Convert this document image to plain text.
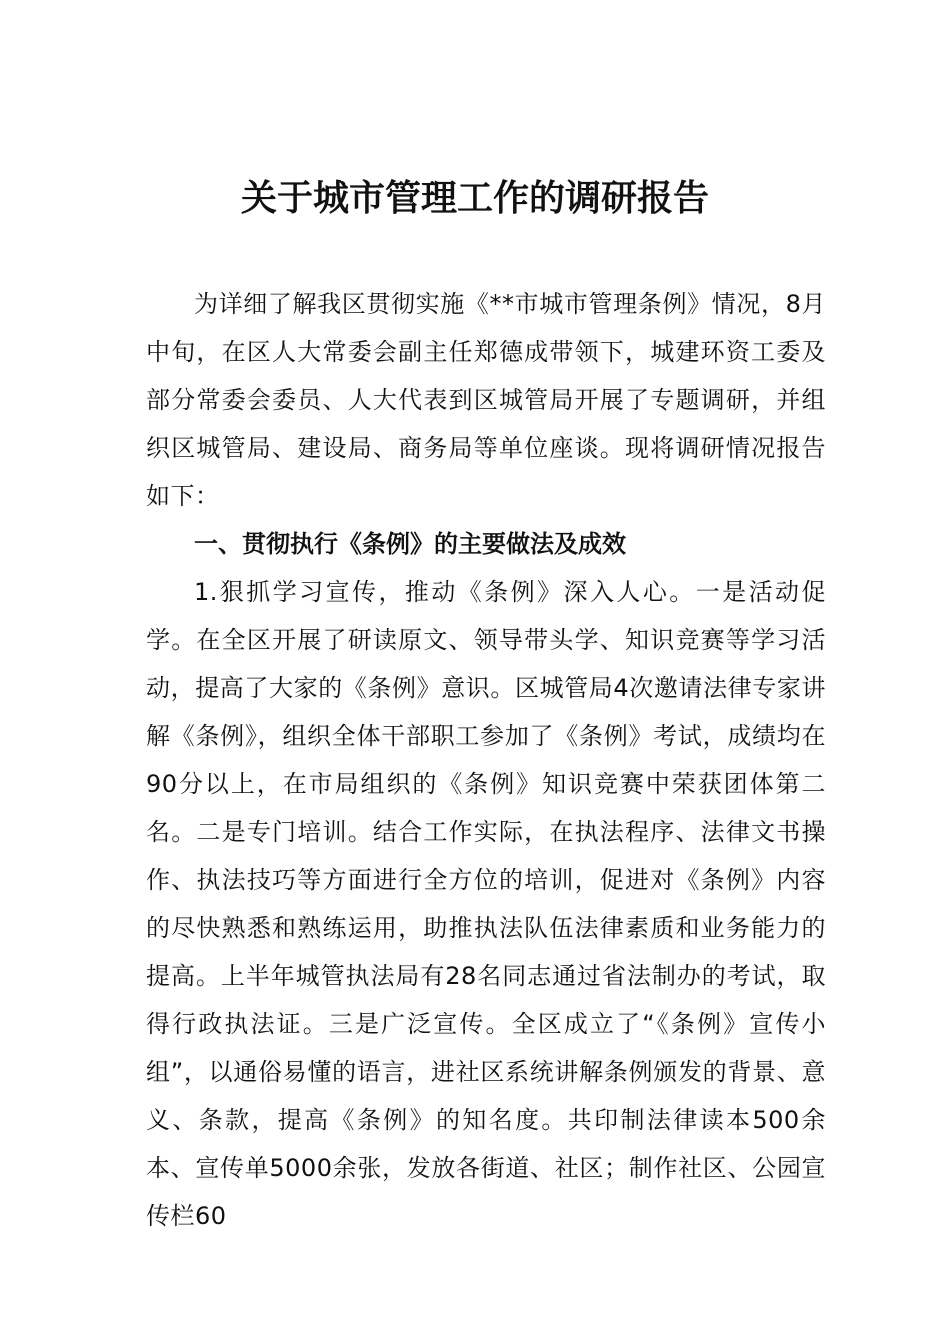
关于城市管理工作的调研报告

为详细了解我区贯彻实施《**市城市管理条例》情况，8月中旬，在区人大常委会副主任郑德成带领下，城建环资工委及部分常委会委员、人大代表到区城管局开展了专题调研，并组织区城管局、建设局、商务局等单位座谈。现将调研情况报告如下：

一、贯彻执行《条例》的主要做法及成效

1.狠抓学习宣传，推动《条例》深入人心。一是活动促学。在全区开展了研读原文、领导带头学、知识竞赛等学习活动，提高了大家的《条例》意识。区城管局4次邀请法律专家讲解《条例》，组织全体干部职工参加了《条例》考试，成绩均在90分以上，在市局组织的《条例》知识竞赛中荣获团体第二名。二是专门培训。结合工作实际，在执法程序、法律文书操作、执法技巧等方面进行全方位的培训，促进对《条例》内容的尽快熟悉和熟练运用，助推执法队伍法律素质和业务能力的提高。上半年城管执法局有28名同志通过省法制办的考试，取得行政执法证。三是广泛宣传。全区成立了“《条例》宣传小组”，以通俗易懂的语言，进社区系统讲解条例颁发的背景、意义、条款，提高《条例》的知名度。共印制法律读本500余本、宣传单5000余张，发放各街道、社区；制作社区、公园宣传栏60
